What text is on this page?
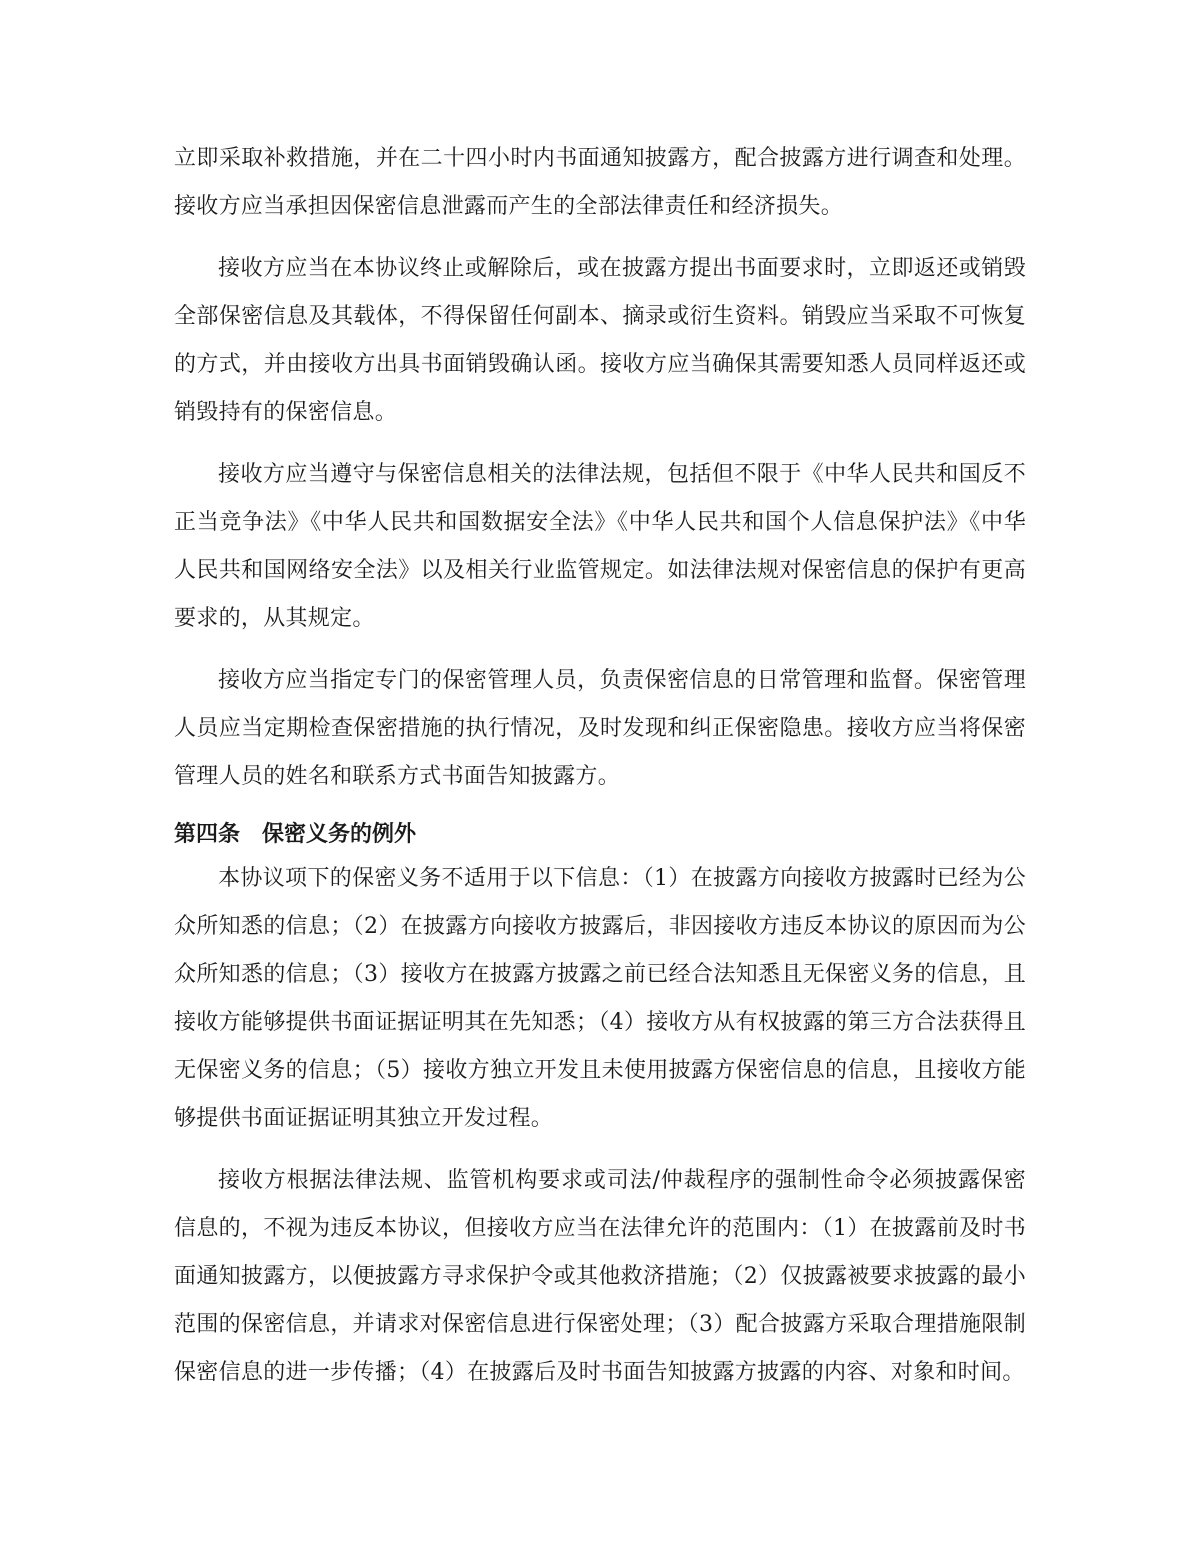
立即采取补救措施，并在二十四小时内书面通知披露方，配合披露方进行调查和处理。接收方应当承担因保密信息泄露而产生的全部法律责任和经济损失。

接收方应当在本协议终止或解除后，或在披露方提出书面要求时，立即返还或销毁全部保密信息及其载体，不得保留任何副本、摘录或衍生资料。销毁应当采取不可恢复的方式，并由接收方出具书面销毁确认函。接收方应当确保其需要知悉人员同样返还或销毁持有的保密信息。

接收方应当遵守与保密信息相关的法律法规，包括但不限于《中华人民共和国反不正当竞争法》《中华人民共和国数据安全法》《中华人民共和国个人信息保护法》《中华人民共和国网络安全法》以及相关行业监管规定。如法律法规对保密信息的保护有更高要求的，从其规定。

接收方应当指定专门的保密管理人员，负责保密信息的日常管理和监督。保密管理人员应当定期检查保密措施的执行情况，及时发现和纠正保密隐患。接收方应当将保密管理人员的姓名和联系方式书面告知披露方。

第四条　保密义务的例外

本协议项下的保密义务不适用于以下信息：（1）在披露方向接收方披露时已经为公众所知悉的信息；（2）在披露方向接收方披露后，非因接收方违反本协议的原因而为公众所知悉的信息；（3）接收方在披露方披露之前已经合法知悉且无保密义务的信息，且接收方能够提供书面证据证明其在先知悉；（4）接收方从有权披露的第三方合法获得且无保密义务的信息；（5）接收方独立开发且未使用披露方保密信息的信息，且接收方能够提供书面证据证明其独立开发过程。

接收方根据法律法规、监管机构要求或司法/仲裁程序的强制性命令必须披露保密信息的，不视为违反本协议，但接收方应当在法律允许的范围内：（1）在披露前及时书面通知披露方，以便披露方寻求保护令或其他救济措施；（2）仅披露被要求披露的最小范围的保密信息，并请求对保密信息进行保密处理；（3）配合披露方采取合理措施限制保密信息的进一步传播；（4）在披露后及时书面告知披露方披露的内容、对象和时间。
